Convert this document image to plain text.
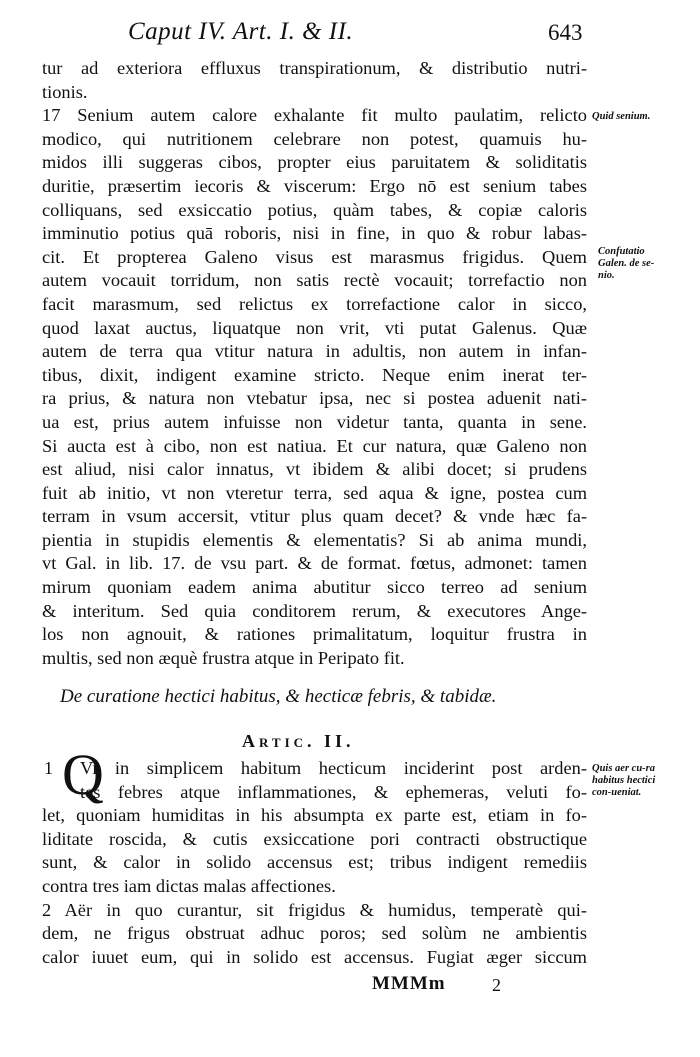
Caput IV. Art. I. & II.	643
tur ad exteriora effluxus transpirationum, & distributio nutri-
tionis.
17 Senium autem calore exhalante fit multo paulatim, relicto
modico, qui nutritionem celebrare non potest, quamuis hu-
midos illi suggeras cibos, propter eius paruitatem & soliditatis
duritie, præsertim iecoris & viscerum: Ergo nō est senium tabes
colliquans, sed exsiccatio potius, quàm tabes, & copiæ caloris
imminutio potius quā roboris, nisi in fine, in quo & robur labas-
cit. Et propterea Galeno visus est marasmus frigidus. Quem
autem vocauit torridum, non satis rectè vocauit; torrefactio non
facit marasmum, sed relictus ex torrefactione calor in sicco,
quod laxat auctus, liquatque non vrit, vti putat Galenus. Quæ
autem de terra qua vtitur natura in adultis, non autem in infan-
tibus, dixit, indigent examine stricto. Neque enim inerat ter-
ra prius, & natura non vtebatur ipsa, nec si postea aduenit nati-
ua est, prius autem infuisse non videtur tanta, quanta in sene.
Si aucta est à cibo, non est natiua. Et cur natura, quæ Galeno non
est aliud, nisi calor innatus, vt ibidem & alibi docet; si prudens
fuit ab initio, vt non vteretur terra, sed aqua & igne, postea cum
terram in vsum accersit, vtitur plus quam decet? & vnde hæc fa-
pientia in stupidis elementis & elementatis? Si ab anima mundi,
vt Gal. in lib. 17. de vsu part. & de format. fœtus, admonet: tamen
mirum quoniam eadem anima abutitur sicco terreo ad senium
& interitum. Sed quia conditorem rerum, & executores Ange-
los non agnouit, & rationes primalitatum, loquitur frustra in
multis, sed non æquè frustra atque in Peripato fit.
Quid senium.
Confutatio Galen. de se-nio.
De curatione hectici habitus, & hecticæ febris, & tabidæ.
Artic. II.
1 Q
Vi in simplicem habitum hecticum inciderint post arden-
tes febres atque inflammationes, & ephemeras, veluti fo-
let, quoniam humiditas in his absumpta ex parte est, etiam in fo-
liditate roscida, & cutis exsiccatione pori contracti obstructique
sunt, & calor in solido accensus est; tribus indigent remediis
contra tres iam dictas malas affectiones.
2 Aër in quo curantur, sit frigidus & humidus, temperatè qui-
dem, ne frigus obstruat adhuc poros; sed solùm ne ambientis
calor iuuet eum, qui in solido est accensus. Fugiat æger siccum
Quis aer cu-ra habitus hectici con-ueniat.
MMMm	2
